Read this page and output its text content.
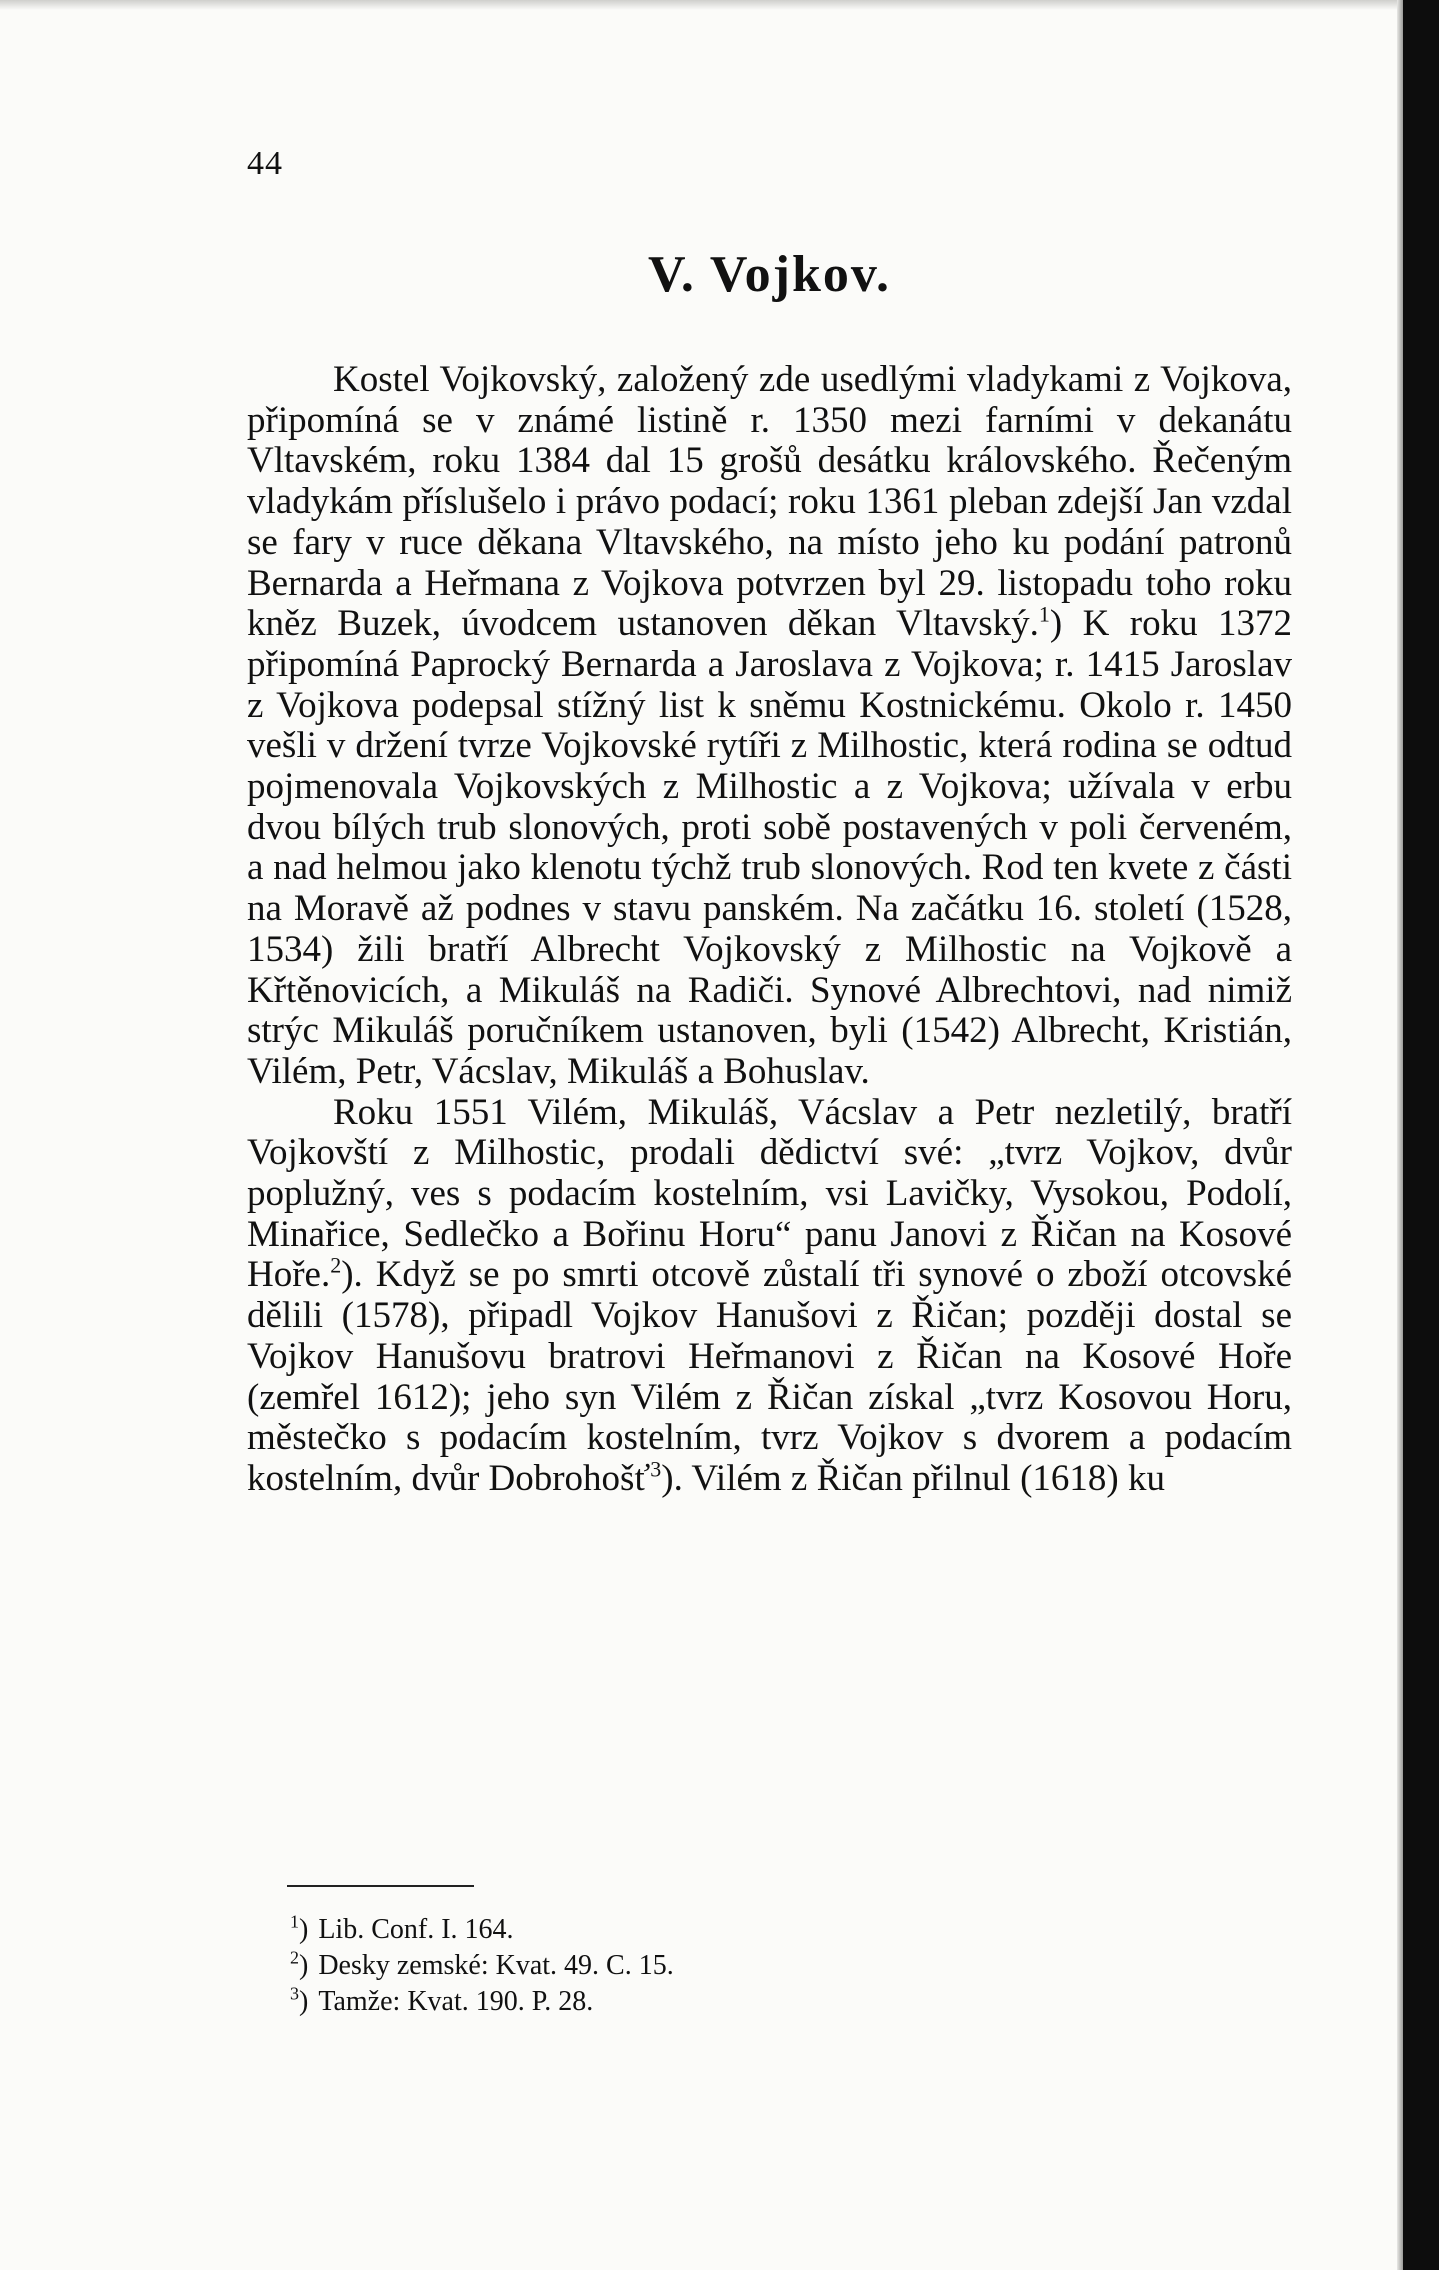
44
V. Vojkov.

Kostel Vojkovský, založený zde usedlými vladykami z Vojkova, připomíná se v známé listině r. 1350 mezi farními v dekanátu Vltavském, roku 1384 dal 15 grošů desátku královského. Řečeným vladykám příslušelo i právo podací; roku 1361 pleban zdejší Jan vzdal se fary v ruce děkana Vltavského, na místo jeho ku podání patronů Bernarda a Heřmana z Vojkova potvrzen byl 29. listopadu toho roku kněz Buzek, úvodcem ustanoven děkan Vltavský.$^1$) K roku 1372 připomíná Paprocký Bernarda a Jaroslava z Vojkova; r. 1415 Jaroslav z Vojkova podepsal stížný list k sněmu Kostnickému. Okolo r. 1450 vešli v držení tvrze Vojkovské rytíři z Milhostic, která rodina se odtud pojmenovala Vojkovských z Milhostic a z Vojkova; užívala v erbu dvou bílých trub slonových, proti sobě postavených v poli červeném, a nad helmou jako klenotu týchž trub slonových. Rod ten kvete z části na Moravě až podnes v stavu panském. Na začátku 16. století (1528, 1534) žili bratří Albrecht Vojkovský z Milhostic na Vojkově a Křtěnovicích, a Mikuláš na Radiči. Synové Albrechtovi, nad nimiž strýc Mikuláš poručníkem ustanoven, byli (1542) Albrecht, Kristián, Vilém, Petr, Vácslav, Mikuláš a Bohuslav.

Roku 1551 Vilém, Mikuláš, Vácslav a Petr nezletilý, bratří Vojkovští z Milhostic, prodali dědictví své: „tvrz Vojkov, dvůr poplužný, ves s podacím kostelním, vsi Lavičky, Vysokou, Podolí, Minařice, Sedlečko a Bořinu Horu“ panu Janovi z Řičan na Kosové Hoře.$^2$). Když se po smrti otcově zůstalí tři synové o zboží otcovské dělili (1578), připadl Vojkov Hanušovi z Řičan; později dostal se Vojkov Hanušovu bratrovi Heřmanovi z Řičan na Kosové Hoře (zemřel 1612); jeho syn Vilém z Řičan získal „tvrz Kosovou Horu, městečko s podacím kostelním, tvrz Vojkov s dvorem a podacím kostelním, dvůr Dobrohošť$^3$). Vilém z Řičan přilnul (1618) ku

$^1$) Lib. Conf. I. 164.
$^2$) Desky zemské: Kvat. 49. C. 15.
$^3$) Tamže: Kvat. 190. P. 28.
